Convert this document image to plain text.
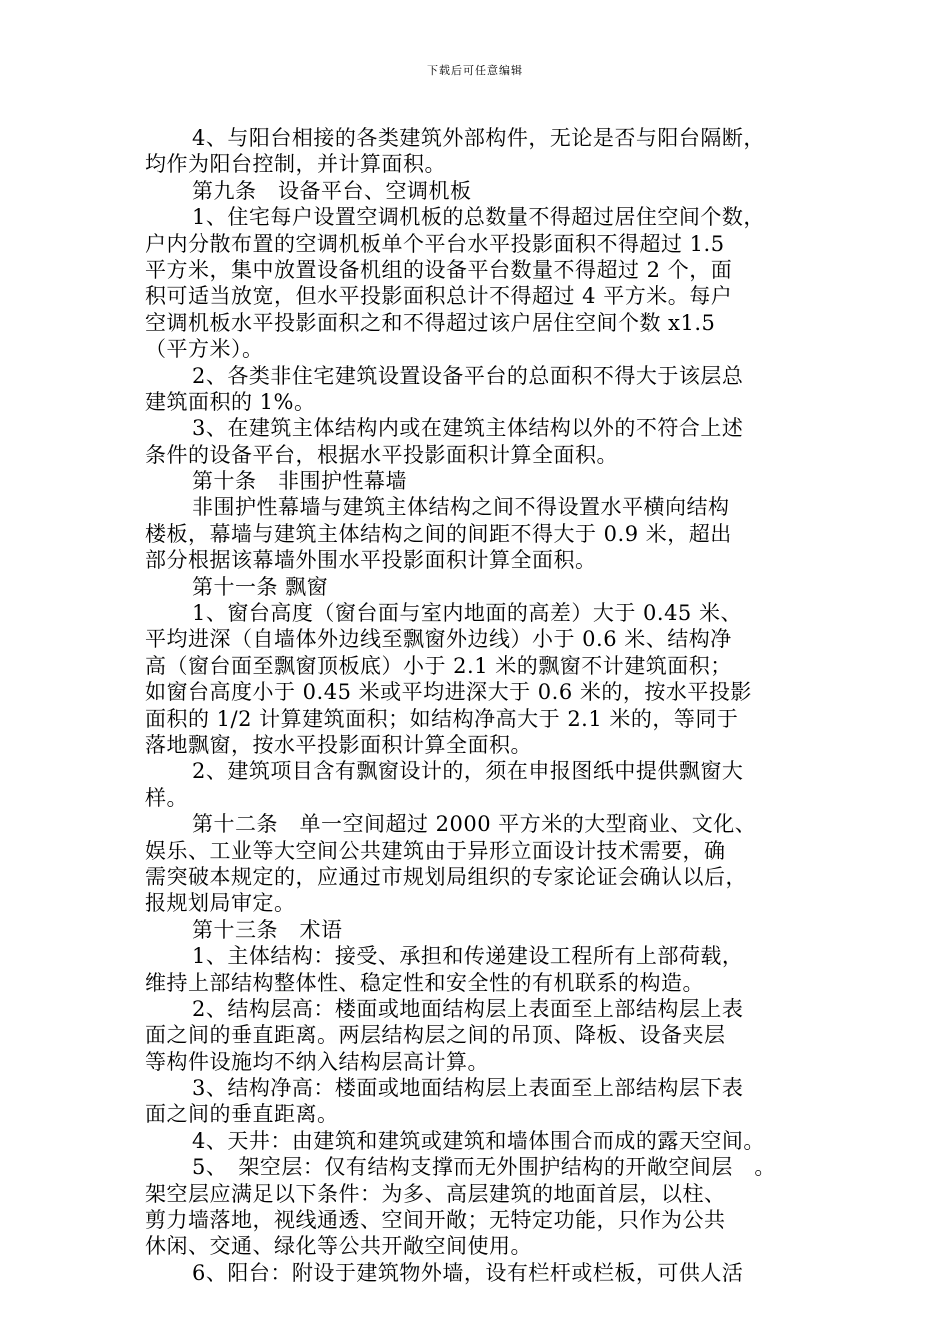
下载后可任意编辑
4、与阳台相接的各类建筑外部构件，无论是否与阳台隔断，
均作为阳台控制，并计算面积。
第九条　设备平台、空调机板
1、住宅每户设置空调机板的总数量不得超过居住空间个数，
户内分散布置的空调机板单个平台水平投影面积不得超过 1.5
平方米，集中放置设备机组的设备平台数量不得超过 2 个，面
积可适当放宽，但水平投影面积总计不得超过 4 平方米。每户
空调机板水平投影面积之和不得超过该户居住空间个数 x1.5
（平方米）。
2、各类非住宅建筑设置设备平台的总面积不得大于该层总
建筑面积的 1%。
3、在建筑主体结构内或在建筑主体结构以外的不符合上述
条件的设备平台，根据水平投影面积计算全面积。
第十条　非围护性幕墙
非围护性幕墙与建筑主体结构之间不得设置水平横向结构
楼板，幕墙与建筑主体结构之间的间距不得大于 0.9 米，超出
部分根据该幕墙外围水平投影面积计算全面积。
第十一条 飘窗
1、窗台高度（窗台面与室内地面的高差）大于 0.45 米、
平均进深（自墙体外边线至飘窗外边线）小于 0.6 米、结构净
高（窗台面至飘窗顶板底）小于 2.1 米的飘窗不计建筑面积；
如窗台高度小于 0.45 米或平均进深大于 0.6 米的，按水平投影
面积的 1/2 计算建筑面积；如结构净高大于 2.1 米的，等同于
落地飘窗，按水平投影面积计算全面积。
2、建筑项目含有飘窗设计的，须在申报图纸中提供飘窗大
样。
第十二条　单一空间超过 2000 平方米的大型商业、文化、
娱乐、工业等大空间公共建筑由于异形立面设计技术需要，确
需突破本规定的，应通过市规划局组织的专家论证会确认以后，
报规划局审定。
第十三条　术语
1、主体结构：接受、承担和传递建设工程所有上部荷载，
维持上部结构整体性、稳定性和安全性的有机联系的构造。
2、结构层高：楼面或地面结构层上表面至上部结构层上表
面之间的垂直距离。两层结构层之间的吊顶、降板、设备夹层
等构件设施均不纳入结构层高计算。
3、结构净高：楼面或地面结构层上表面至上部结构层下表
面之间的垂直距离。
4、天井：由建筑和建筑或建筑和墙体围合而成的露天空间。
5、　架空层：仅有结构支撑而无外围护结构的开敞空间层　。
架空层应满足以下条件：为多、高层建筑的地面首层，以柱、
剪力墙落地，视线通透、空间开敞；无特定功能，只作为公共
休闲、交通、绿化等公共开敞空间使用。
6、阳台：附设于建筑物外墙，设有栏杆或栏板，可供人活
